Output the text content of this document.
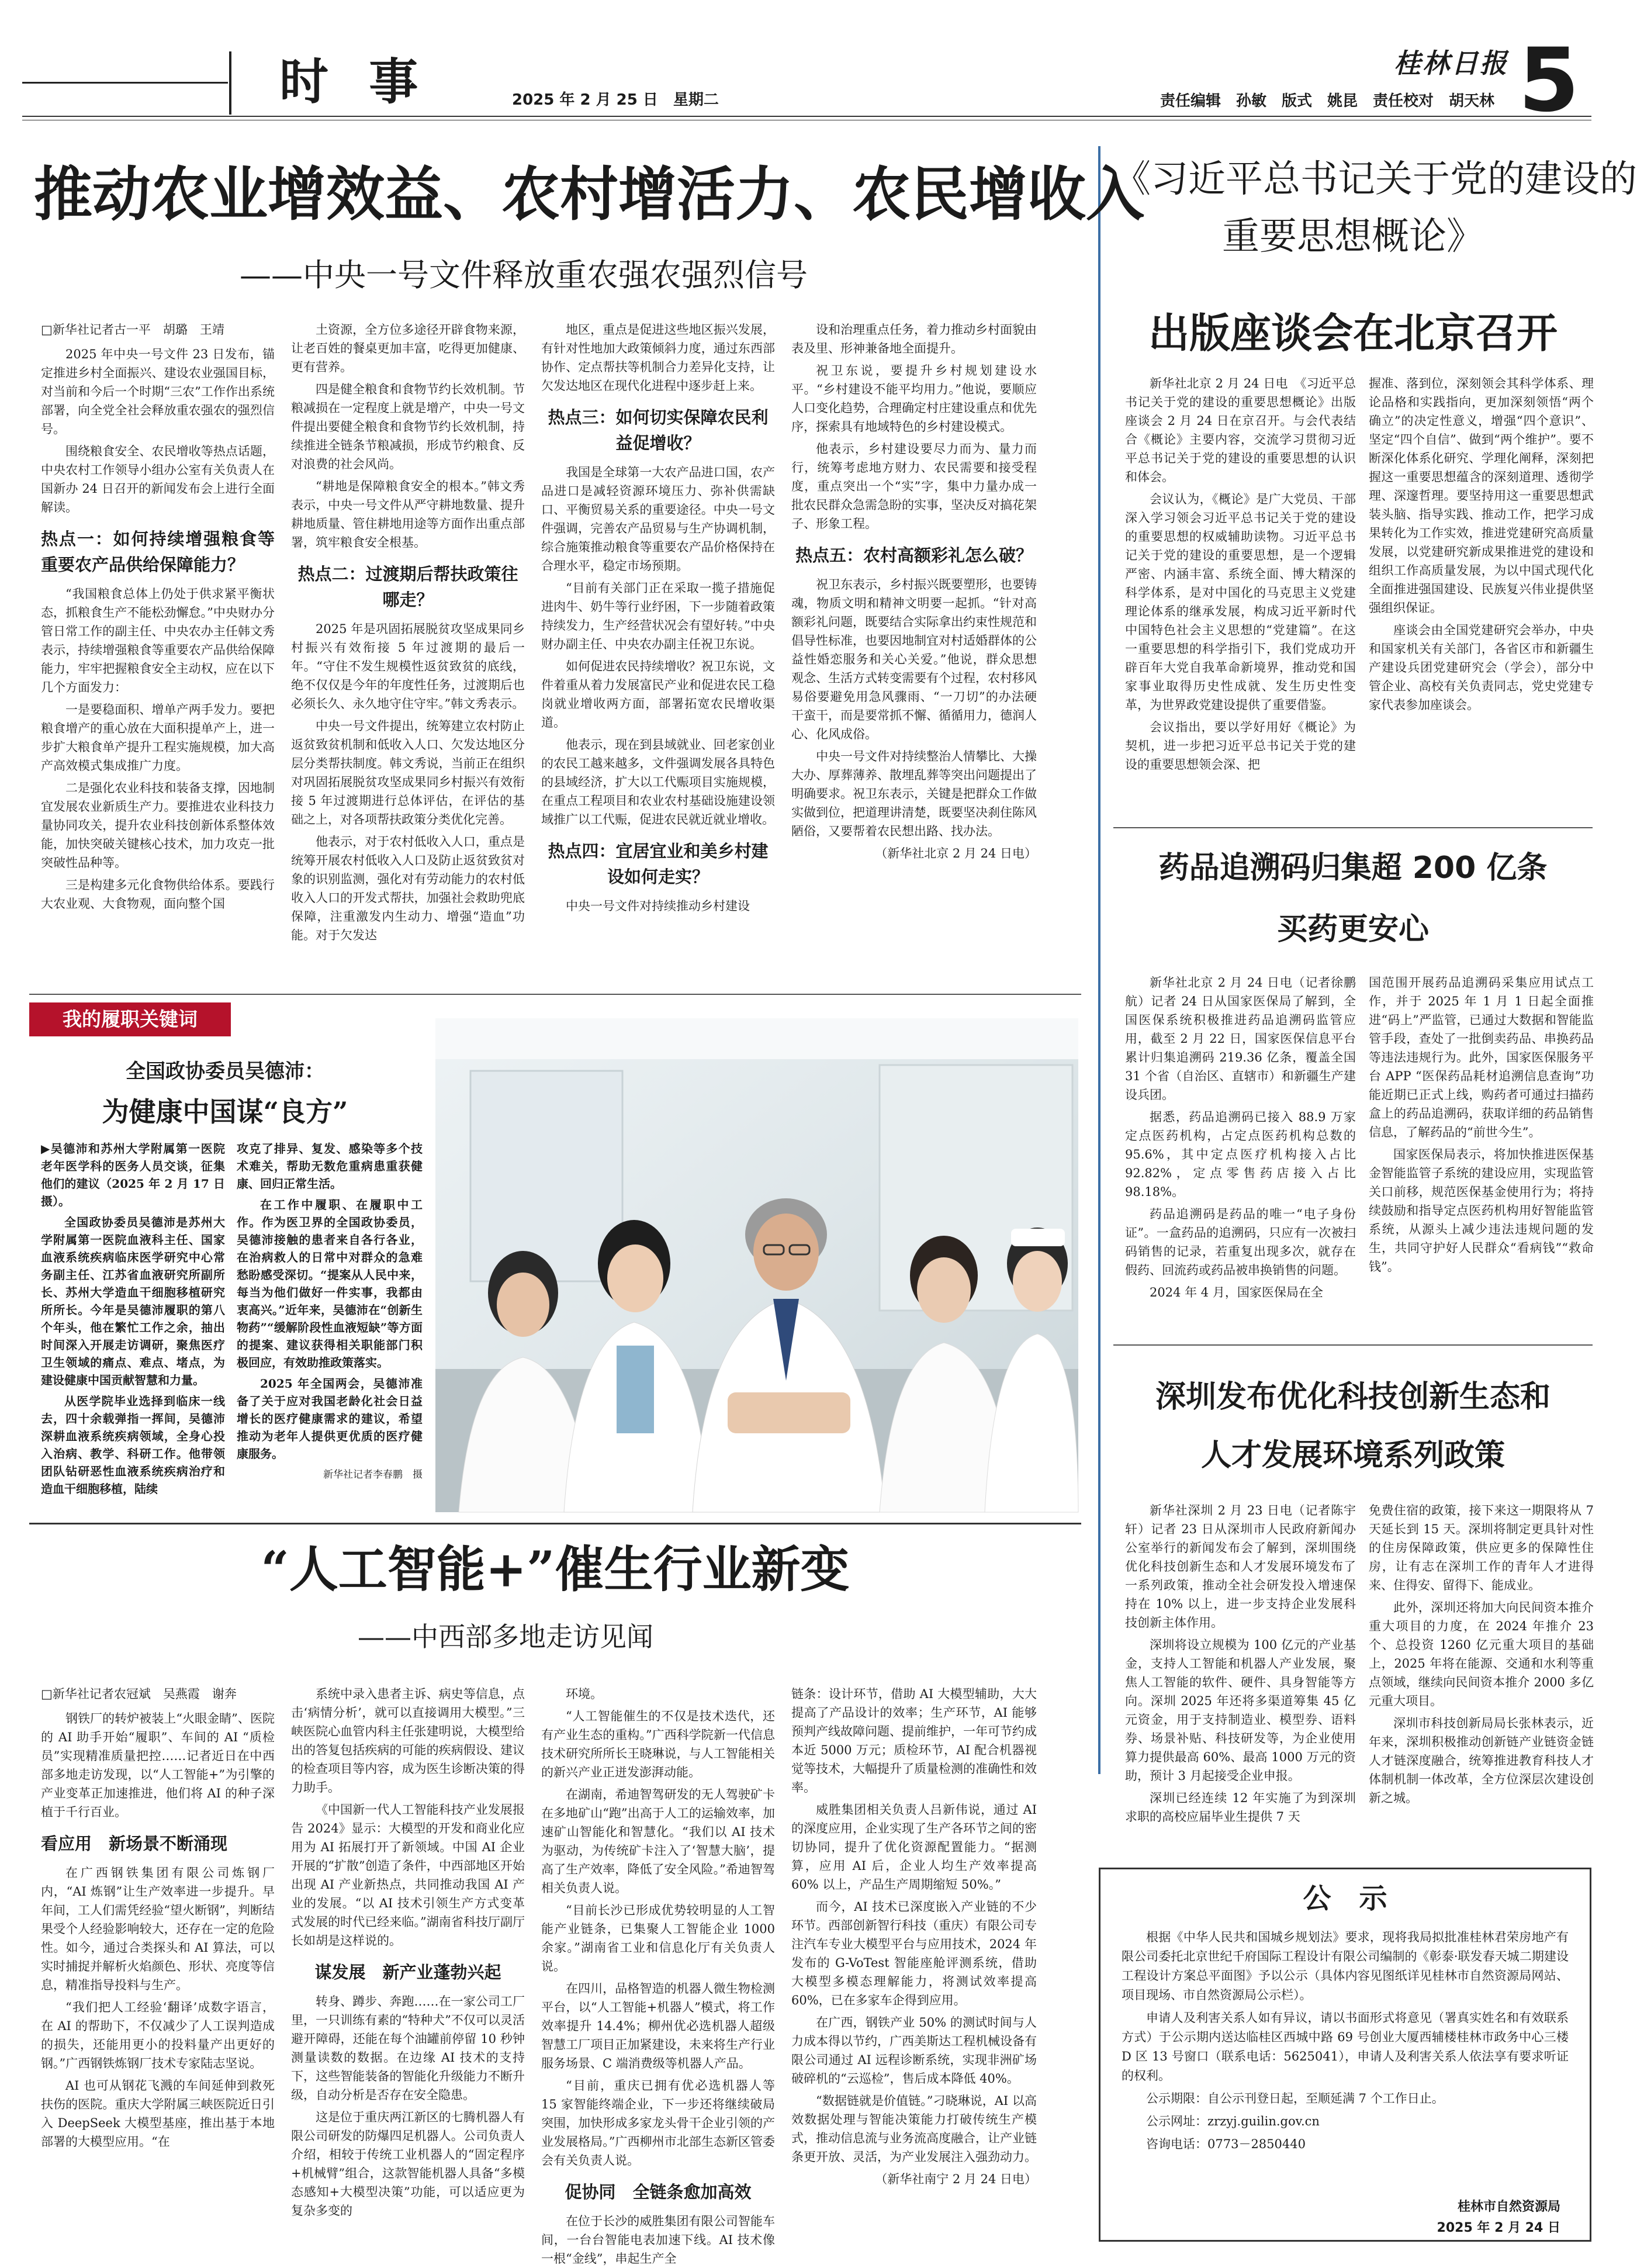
时 事	2025 年 2 月 25 日　星期二
桂林日报
责任编辑　孙敏　版式　姚昆　责任校对　胡天林 5
推动农业增效益、农村增活力、农民增收入
——中央一号文件释放重农强农强烈信号

□新华社记者古一平　胡璐　王靖

2025 年中央一号文件 23 日发布，锚定推进乡村全面振兴、建设农业强国目标，对当前和今后一个时期“三农”工作作出系统部署，向全党全社会释放重农强农的强烈信号。

围绕粮食安全、农民增收等热点话题，中央农村工作领导小组办公室有关负责人在国新办 24 日召开的新闻发布会上进行全面解读。

热点一：如何持续增强粮食等重要农产品供给保障能力？

“我国粮食总体上仍处于供求紧平衡状态，抓粮食生产不能松劲懈怠。”中央财办分管日常工作的副主任、中央农办主任韩文秀表示，持续增强粮食等重要农产品供给保障能力，牢牢把握粮食安全主动权，应在以下几个方面发力：

一是要稳面积、增单产两手发力。要把粮食增产的重心放在大面积提单产上，进一步扩大粮食单产提升工程实施规模，加大高产高效模式集成推广力度。

二是强化农业科技和装备支撑，因地制宜发展农业新质生产力。要推进农业科技力量协同攻关，提升农业科技创新体系整体效能，加快突破关键核心技术，加力攻克一批突破性品种等。

三是构建多元化食物供给体系。要践行大农业观、大食物观，面向整个国

土资源，全方位多途径开辟食物来源，让老百姓的餐桌更加丰富，吃得更加健康、更有营养。

四是健全粮食和食物节约长效机制。节粮减损在一定程度上就是增产，中央一号文件提出要健全粮食和食物节约长效机制，持续推进全链条节粮减损，形成节约粮食、反对浪费的社会风尚。

“耕地是保障粮食安全的根本。”韩文秀表示，中央一号文件从严守耕地数量、提升耕地质量、管住耕地用途等方面作出重点部署，筑牢粮食安全根基。

热点二：过渡期后帮扶政策往哪走？

2025 年是巩固拓展脱贫攻坚成果同乡村振兴有效衔接 5 年过渡期的最后一年。“守住不发生规模性返贫致贫的底线，绝不仅仅是今年的年度性任务，过渡期后也必须长久、永久地守住守牢。”韩文秀表示。

中央一号文件提出，统筹建立农村防止返贫致贫机制和低收入人口、欠发达地区分层分类帮扶制度。韩文秀说，当前正在组织对巩固拓展脱贫攻坚成果同乡村振兴有效衔接 5 年过渡期进行总体评估，在评估的基础之上，对各项帮扶政策分类优化完善。

他表示，对于农村低收入人口，重点是统筹开展农村低收入人口及防止返贫致贫对象的识别监测，强化对有劳动能力的农村低收入人口的开发式帮扶，加强社会救助兜底保障，注重激发内生动力、增强“造血”功能。对于欠发达

地区，重点是促进这些地区振兴发展，有针对性地加大政策倾斜力度，通过东西部协作、定点帮扶等机制合力差异化支持，让欠发达地区在现代化进程中逐步赶上来。

热点三：如何切实保障农民利益促增收？

我国是全球第一大农产品进口国，农产品进口是减轻资源环境压力、弥补供需缺口、平衡贸易关系的重要途径。中央一号文件强调，完善农产品贸易与生产协调机制，综合施策推动粮食等重要农产品价格保持在合理水平，稳定市场预期。

“目前有关部门正在采取一揽子措施促进肉牛、奶牛等行业纾困，下一步随着政策持续发力，生产经营状况会有望好转。”中央财办副主任、中央农办副主任祝卫东说。

如何促进农民持续增收？祝卫东说，文件着重从着力发展富民产业和促进农民工稳岗就业增收两方面，部署拓宽农民增收渠道。

他表示，现在到县域就业、回老家创业的农民工越来越多，文件强调发展各具特色的县域经济，扩大以工代赈项目实施规模，在重点工程项目和农业农村基础设施建设领域推广以工代赈，促进农民就近就业增收。

热点四：宜居宜业和美乡村建设如何走实？

中央一号文件对持续推动乡村建设

设和治理重点任务，着力推动乡村面貌由表及里、形神兼备地全面提升。

祝卫东说，要提升乡村规划建设水平。“乡村建设不能平均用力。”他说，要顺应人口变化趋势，合理确定村庄建设重点和优先序，探索具有地域特色的乡村建设模式。

他表示，乡村建设要尽力而为、量力而行，统筹考虑地方财力、农民需要和接受程度，重点突出一个“实”字，集中力量办成一批农民群众急需急盼的实事，坚决反对搞花架子、形象工程。

热点五：农村高额彩礼怎么破？

祝卫东表示，乡村振兴既要塑形，也要铸魂，物质文明和精神文明要一起抓。“针对高额彩礼问题，既要结合实际拿出约束性规范和倡导性标准，也要因地制宜对村适婚群体的公益性婚恋服务和关心关爱。”他说，群众思想观念、生活方式转变需要有个过程，农村移风易俗要避免用急风骤雨、“一刀切”的办法硬干蛮干，而是要常抓不懈、循循用力，德润人心、化风成俗。

中央一号文件对持续整治人情攀比、大操大办、厚葬薄养、散埋乱葬等突出问题提出了明确要求。祝卫东表示，关键是把群众工作做实做到位，把道理讲清楚，既要坚决刹住陈风陋俗，又要帮着农民想出路、找办法。

（新华社北京 2 月 24 日电）

我的履职关键词
全国政协委员吴德沛：
为健康中国谋“良方”

▶吴德沛和苏州大学附属第一医院老年医学科的医务人员交谈，征集他们的建议（2025 年 2 月 17 日摄）。

全国政协委员吴德沛是苏州大学附属第一医院血液科主任、国家血液系统疾病临床医学研究中心常务副主任、江苏省血液研究所副所长、苏州大学造血干细胞移植研究所所长。今年是吴德沛履职的第八个年头，他在繁忙工作之余，抽出时间深入开展走访调研，聚焦医疗卫生领域的痛点、难点、堵点，为建设健康中国贡献智慧和力量。

从医学院毕业选择到临床一线去，四十余载弹指一挥间，吴德沛深耕血液系统疾病领域，全身心投入治病、教学、科研工作。他带领团队钻研恶性血液系统疾病治疗和造血干细胞移植，陆续

攻克了排异、复发、感染等多个技术难关，帮助无数危重病患重获健康、回归正常生活。

在工作中履职、在履职中工作。作为医卫界的全国政协委员，吴德沛接触的患者来自各行各业，在治病救人的日常中对群众的急难愁盼感受深切。“提案从人民中来，每当为他们做好一件实事，我都由衷高兴。”近年来，吴德沛在“创新生物药”“缓解阶段性血液短缺”等方面的提案、建议获得相关职能部门积极回应，有效助推政策落实。

2025 年全国两会，吴德沛准备了关于应对我国老龄化社会日益增长的医疗健康需求的建议，希望推动为老年人提供更优质的医疗健康服务。

新华社记者李春鹏　摄

“人工智能+”催生行业新变
——中西部多地走访见闻

□新华社记者农冠斌　吴燕霞　谢奔

钢铁厂的转炉被装上“火眼金睛”、医院的 AI 助手开始“履职”、车间的 AI “质检员”实现精准质量把控……记者近日在中西部多地走访发现，以“人工智能+”为引擎的产业变革正加速推进，他们将 AI 的种子深植于千行百业。

看应用　新场景不断涌现

在广西钢铁集团有限公司炼钢厂内，“AI 炼钢”让生产效率进一步提升。早年间，工人们需凭经验“望火断钢”，判断结果受个人经验影响较大，还存在一定的危险性。如今，通过合类探头和 AI 算法，可以实时捕捉并解析火焰颜色、形状、亮度等信息，精准指导投料与生产。

“我们把人工经验‘翻译’成数字语言，在 AI 的帮助下，不仅减少了人工误判造成的损失，还能用更小的投料量产出更好的钢。”广西钢铁炼钢厂技术专家陆志坚说。

AI 也可从钢花飞溅的车间延伸到救死扶伤的医院。重庆大学附属三峡医院近日引入 DeepSeek 大模型基座，推出基于本地部署的大模型应用。“在

系统中录入患者主诉、病史等信息，点击‘病情分析’，就可以直接调用大模型。”三峡医院心血管内科主任张建明说，大模型给出的答复包括疾病的可能的疾病假设、建议的检查项目等内容，成为医生诊断决策的得力助手。

《中国新一代人工智能科技产业发展报告 2024》显示：大模型的开发和商业化应用为 AI 拓展打开了新领域。中国 AI 企业开展的“扩散”创造了条件，中西部地区开始出现 AI 产业新热点，共同推动我国 AI 产业的发展。“以 AI 技术引领生产方式变革式发展的时代已经来临。”湖南省科技厅副厅长如胡是这样说的。

谋发展　新产业蓬勃兴起

转身、蹲步、奔跑……在一家公司工厂里，一只训练有素的“特种犬”不仅可以灵活避开障碍，还能在每个油罐前停留 10 秒钟测量读数的数据。在边缘 AI 技术的支持下，这些智能装备的智能化升级能力不断升级，自动分析是否存在安全隐患。

这是位于重庆两江新区的七腾机器人有限公司研发的防爆四足机器人。公司负责人介绍，相较于传统工业机器人的“固定程序+机械臂”组合，这款智能机器人具备“多模态感知+大模型决策”功能，可以适应更为复杂多变的

环境。

“人工智能催生的不仅是技术迭代，还有产业生态的重构。”广西科学院新一代信息技术研究所所长王晓琳说，与人工智能相关的新兴产业正迸发澎湃动能。

在湖南，希迪智驾研发的无人驾驶矿卡在多地矿山“跑”出高于人工的运输效率，加速矿山智能化和智慧化。“我们以 AI 技术为驱动，为传统矿卡注入了‘智慧大脑’，提高了生产效率，降低了安全风险。”希迪智驾相关负责人说。

“目前长沙已形成优势较明显的人工智能产业链条，已集聚人工智能企业 1000 余家。”湖南省工业和信息化厅有关负责人说。

在四川，品格智造的机器人微生物检测平台，以“人工智能+机器人”模式，将工作效率提升 14.4%；柳州优必选机器人超级智慧工厂项目正加紧建设，未来将生产行业服务场景、C 端消费级等机器人产品。

“目前，重庆已拥有优必选机器人等 15 家智能终端企业，下一步还将继续破局突围，加快形成多家龙头骨干企业引领的产业发展格局。”广西柳州市北部生态新区管委会有关负责人说。

促协同　全链条愈加高效

在位于长沙的威胜集团有限公司智能车间，一台台智能电表加速下线。AI 技术像一根“金线”，串起生产全

链条：设计环节，借助 AI 大模型辅助，大大提高了产品设计的效率；生产环节，AI 能够预判产线故障问题、提前维护，一年可节约成本近 5000 万元；质检环节，AI 配合机器视觉等技术，大幅提升了质量检测的准确性和效率。

威胜集团相关负责人吕新伟说，通过 AI 的深度应用，企业实现了生产各环节之间的密切协同，提升了优化资源配置能力。“据测算，应用 AI 后，企业人均生产效率提高 60% 以上，产品生产周期缩短 50%。”

而今，AI 技术已深度嵌入产业链的不少环节。西部创新智行科技（重庆）有限公司专注汽车专业大模型平台与应用技术，2024 年发布的 G-VoTest 智能座舱评测系统，借助大模型多模态理解能力，将测试效率提高 60%，已在多家车企得到应用。

在广西，钢铁产业 50% 的测试时间与人力成本得以节约，广西美斯达工程机械设备有限公司通过 AI 远程诊断系统，实现非洲矿场破碎机的“云巡检”，售后成本降低 40%。

“数据链就是价值链。”刁晓琳说，AI 以高效数据处理与智能决策能力打破传统生产模式，推动信息流与业务流高度融合，让产业链条更开放、灵活，为产业发展注入强劲动力。

（新华社南宁 2 月 24 日电）

《习近平总书记关于党的建设的
重要思想概论》
出版座谈会在北京召开

新华社北京 2 月 24 日电　《习近平总书记关于党的建设的重要思想概论》出版座谈会 2 月 24 日在京召开。与会代表结合《概论》主要内容，交流学习贯彻习近平总书记关于党的建设的重要思想的认识和体会。

会议认为，《概论》是广大党员、干部深入学习领会习近平总书记关于党的建设的重要思想的权威辅助读物。习近平总书记关于党的建设的重要思想，是一个逻辑严密、内涵丰富、系统全面、博大精深的科学体系，是对中国化的马克思主义党建理论体系的继承发展，构成习近平新时代中国特色社会主义思想的“党建篇”。在这一重要思想的科学指引下，我们党成功开辟百年大党自我革命新境界，推动党和国家事业取得历史性成就、发生历史性变革，为世界政党建设提供了重要借鉴。

会议指出，要以学好用好《概论》为契机，进一步把习近平总书记关于党的建设的重要思想领会深、把

握准、落到位，深刻领会其科学体系、理论品格和实践指向，更加深刻领悟“两个确立”的决定性意义，增强“四个意识”、坚定“四个自信”、做到“两个维护”。要不断深化体系化研究、学理化阐释，深刻把握这一重要思想蕴含的深刻道理、透彻学理、深邃哲理。要坚持用这一重要思想武装头脑、指导实践、推动工作，把学习成果转化为工作实效，推进党建研究高质量发展，以党建研究新成果推进党的建设和组织工作高质量发展，为以中国式现代化全面推进强国建设、民族复兴伟业提供坚强组织保证。

座谈会由全国党建研究会举办，中央和国家机关有关部门，各省区市和新疆生产建设兵团党建研究会（学会），部分中管企业、高校有关负责同志，党史党建专家代表参加座谈会。

药品追溯码归集超 200 亿条
买药更安心

新华社北京 2 月 24 日电（记者徐鹏航）记者 24 日从国家医保局了解到，全国医保系统积极推进药品追溯码监管应用，截至 2 月 22 日，国家医保信息平台累计归集追溯码 219.36 亿条，覆盖全国 31 个省（自治区、直辖市）和新疆生产建设兵团。

据悉，药品追溯码已接入 88.9 万家定点医药机构，占定点医药机构总数的 95.6%，其中定点医疗机构接入占比 92.82%，定点零售药店接入占比 98.18%。

药品追溯码是药品的唯一“电子身份证”。一盒药品的追溯码，只应有一次被扫码销售的记录，若重复出现多次，就存在假药、回流药或药品被串换销售的问题。

2024 年 4 月，国家医保局在全

国范围开展药品追溯码采集应用试点工作，并于 2025 年 1 月 1 日起全面推进“码上”严监管，已通过大数据和智能监管手段，查处了一批倒卖药品、串换药品等违法违规行为。此外，国家医保服务平台 APP “医保药品耗材追溯信息查询”功能近期已正式上线，购药者可通过扫描药盒上的药品追溯码，获取详细的药品销售信息，了解药品的“前世今生”。

国家医保局表示，将加快推进医保基金智能监管子系统的建设应用，实现监管关口前移，规范医保基金使用行为；将持续鼓励和指导定点医药机构用好智能监管系统，从源头上减少违法违规问题的发生，共同守护好人民群众“看病钱”“救命钱”。

深圳发布优化科技创新生态和
人才发展环境系列政策

新华社深圳 2 月 23 日电（记者陈宇轩）记者 23 日从深圳市人民政府新闻办公室举行的新闻发布会了解到，深圳围绕优化科技创新生态和人才发展环境发布了一系列政策，推动全社会研发投入增速保持在 10% 以上，进一步支持企业发展科技创新主体作用。

深圳将设立规模为 100 亿元的产业基金，支持人工智能和机器人产业发展，聚焦人工智能的软件、硬件、具身智能等方向。深圳 2025 年还将多渠道筹集 45 亿元资金，用于支持制造业、模型券、语料券、场景补贴、科技研发等，为企业使用算力提供最高 60%、最高 1000 万元的资助，预计 3 月起接受企业申报。

深圳已经连续 12 年实施了为到深圳求职的高校应届毕业生提供 7 天

免费住宿的政策，接下来这一期限将从 7 天延长到 15 天。深圳将制定更具针对性的住房保障政策，供应更多的保障性住房，让有志在深圳工作的青年人才进得来、住得安、留得下、能成业。

此外，深圳还将加大向民间资本推介重大项目的力度，在 2024 年推介 23 个、总投资 1260 亿元重大项目的基础上，2025 年将在能源、交通和水利等重点领域，继续向民间资本推介 2000 多亿元重大项目。

深圳市科技创新局局长张林表示，近年来，深圳积极推动创新链产业链资金链人才链深度融合，统筹推进教育科技人才体制机制一体改革，全方位深层次建设创新之城。

公　示

根据《中华人民共和国城乡规划法》要求，现将我局拟批准桂林君荣房地产有限公司委托北京世纪千府国际工程设计有限公司编制的《彰泰·联发春天城二期建设工程设计方案总平面图》予以公示（具体内容见图纸详见桂林市自然资源局网站、项目现场、市自然资源局公示栏）。

申请人及利害关系人如有异议，请以书面形式将意见（署真实姓名和有效联系方式）于公示期内送达临桂区西城中路 69 号创业大厦西辅楼桂林市政务中心三楼 D 区 13 号窗口（联系电话：5625041），申请人及利害关系人依法享有要求听证的权利。

公示期限：自公示刊登日起，至顺延满 7 个工作日止。

公示网址：zrzyj.guilin.gov.cn

咨询电话：0773－2850440

桂林市自然资源局
2025 年 2 月 24 日
